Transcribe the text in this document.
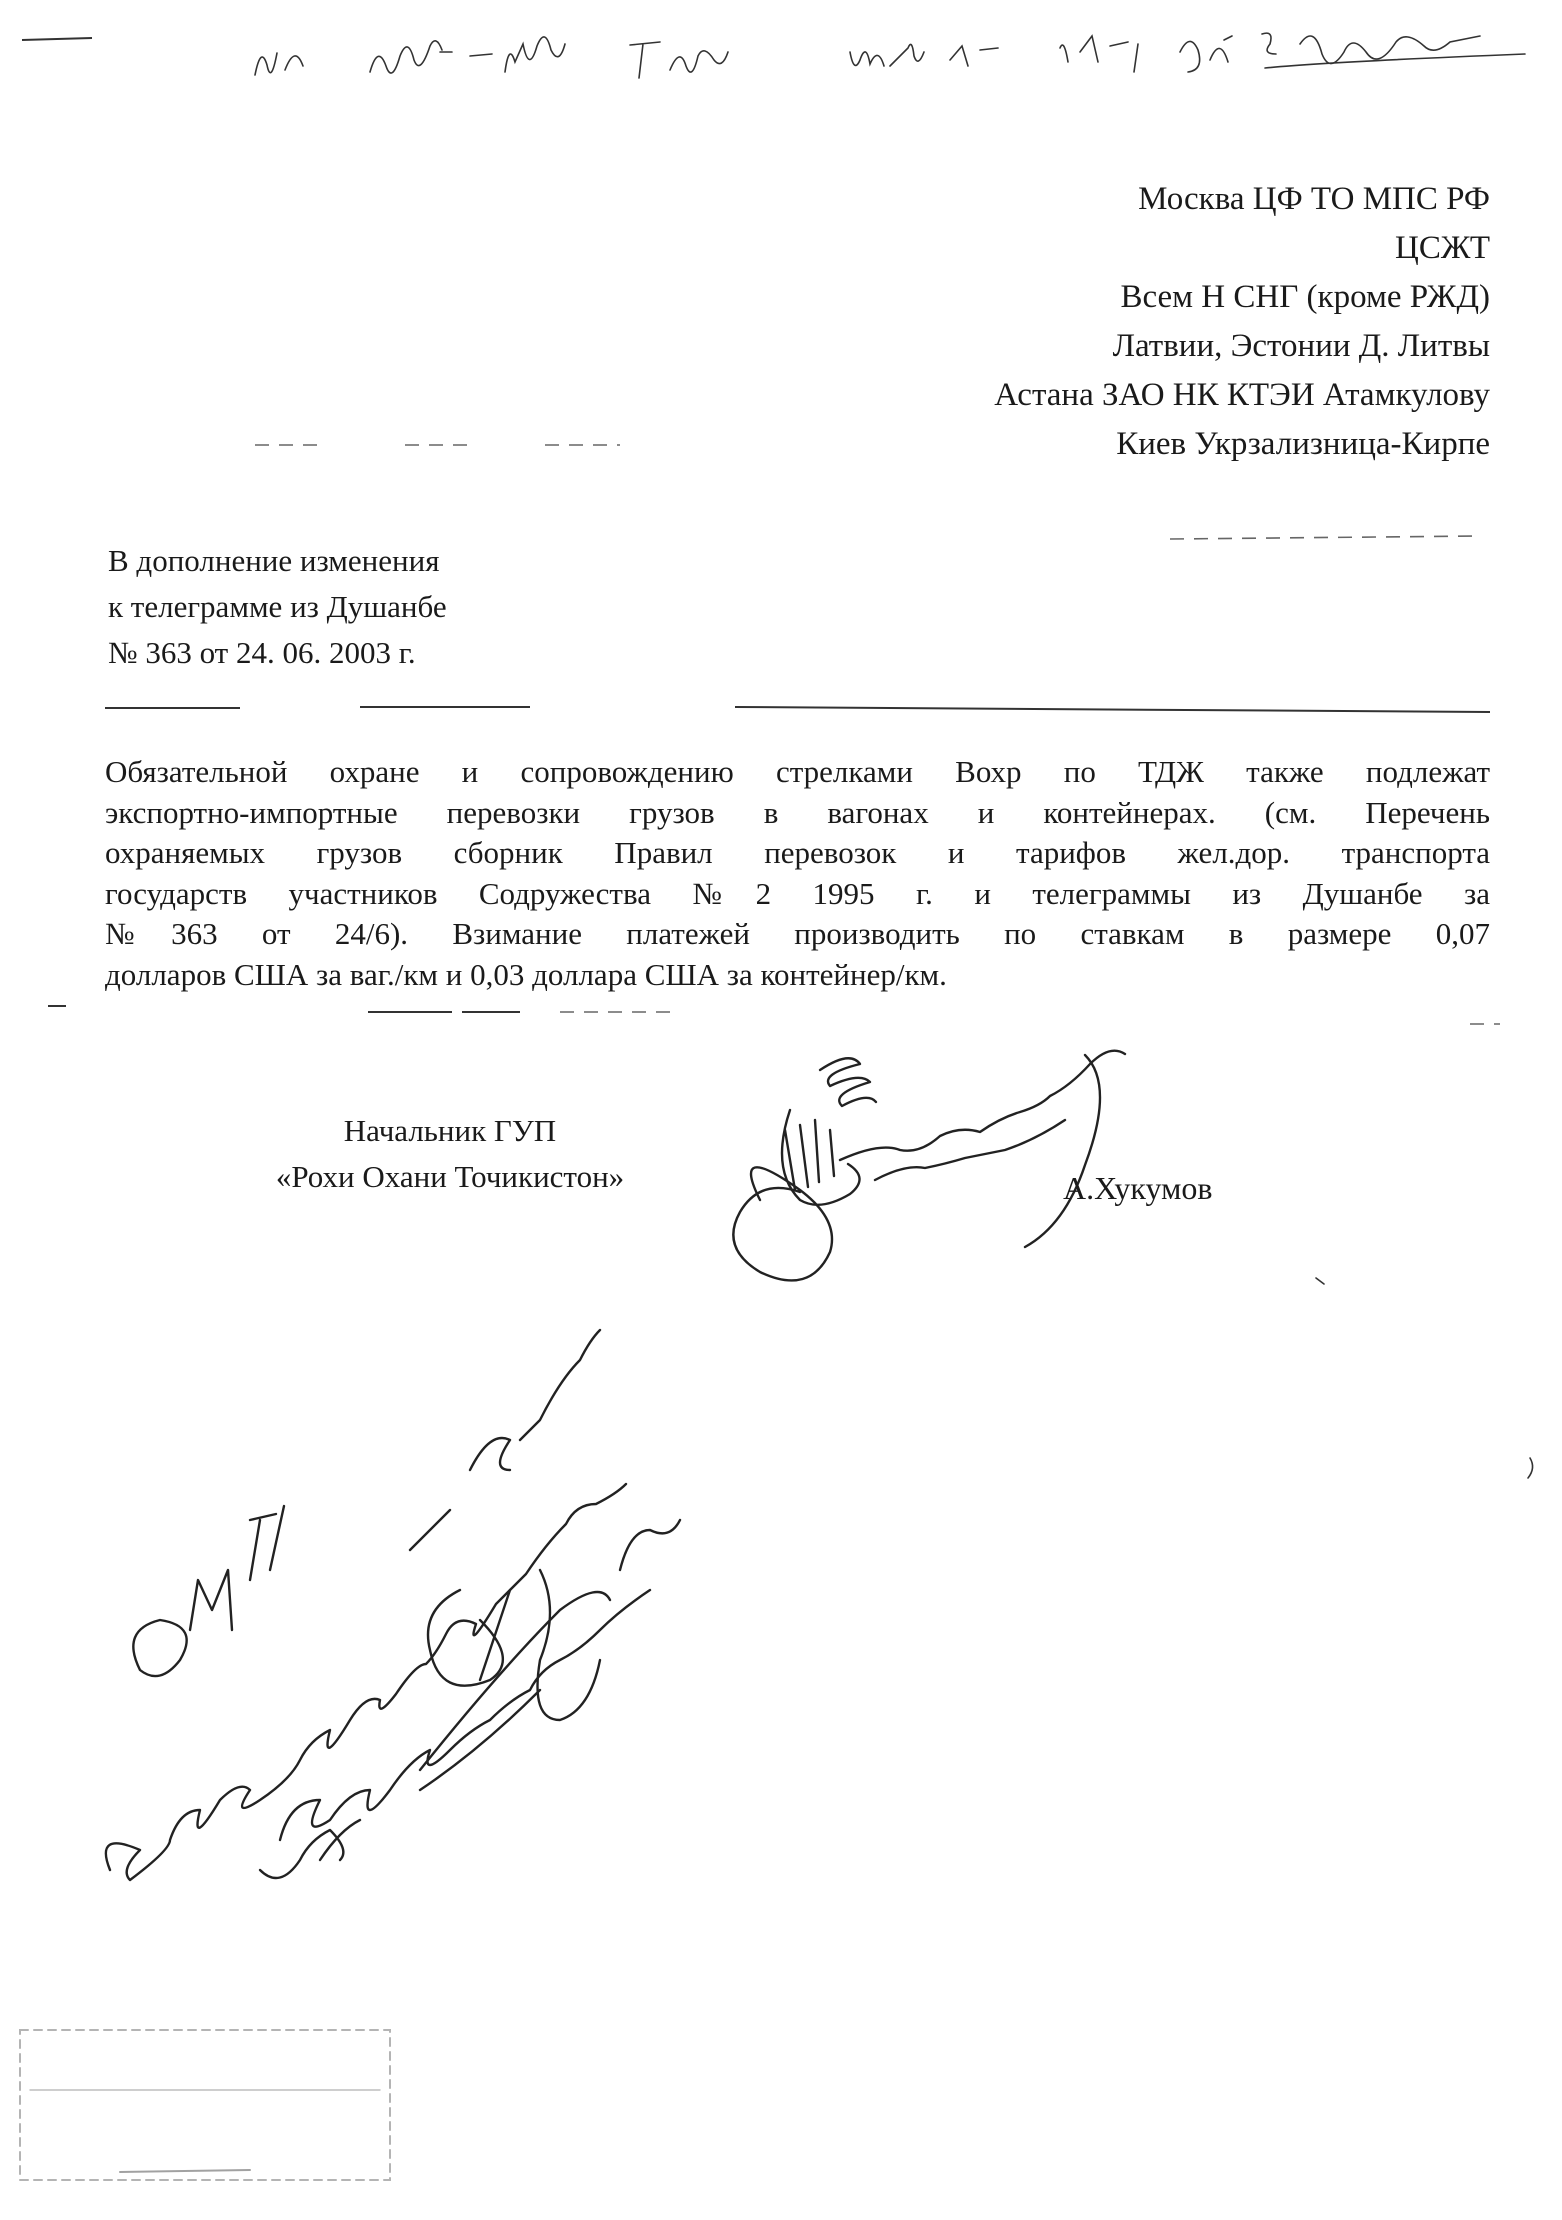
Москва ЦФ ТО МПС РФ
ЦСЖТ
Всем Н СНГ (кроме РЖД)
Латвии, Эстонии Д. Литвы
Астана ЗАО НК КТЭИ Атамкулову
Киев Укрзализница-Кирпе
В дополнение изменения
к телеграмме из Душанбе
№ 363 от 24. 06. 2003 г.
Обязательной охране и сопровождению стрелками Вохр по ТДЖ также подлежат
экспортно-импортные перевозки грузов в вагонах и контейнерах. (см. Перечень
охраняемых грузов сборник Правил перевозок и тарифов жел.дор. транспорта
государств участников Содружества №2 1995 г. и телеграммы из Душанбе за
№363 от 24/6). Взимание платежей производить по ставкам в размере 0,07
долларов США за ваг./км и 0,03 доллара США за контейнер/км.
Начальник ГУП
«Рохи Охани Точикистон»	А.Хукумов
